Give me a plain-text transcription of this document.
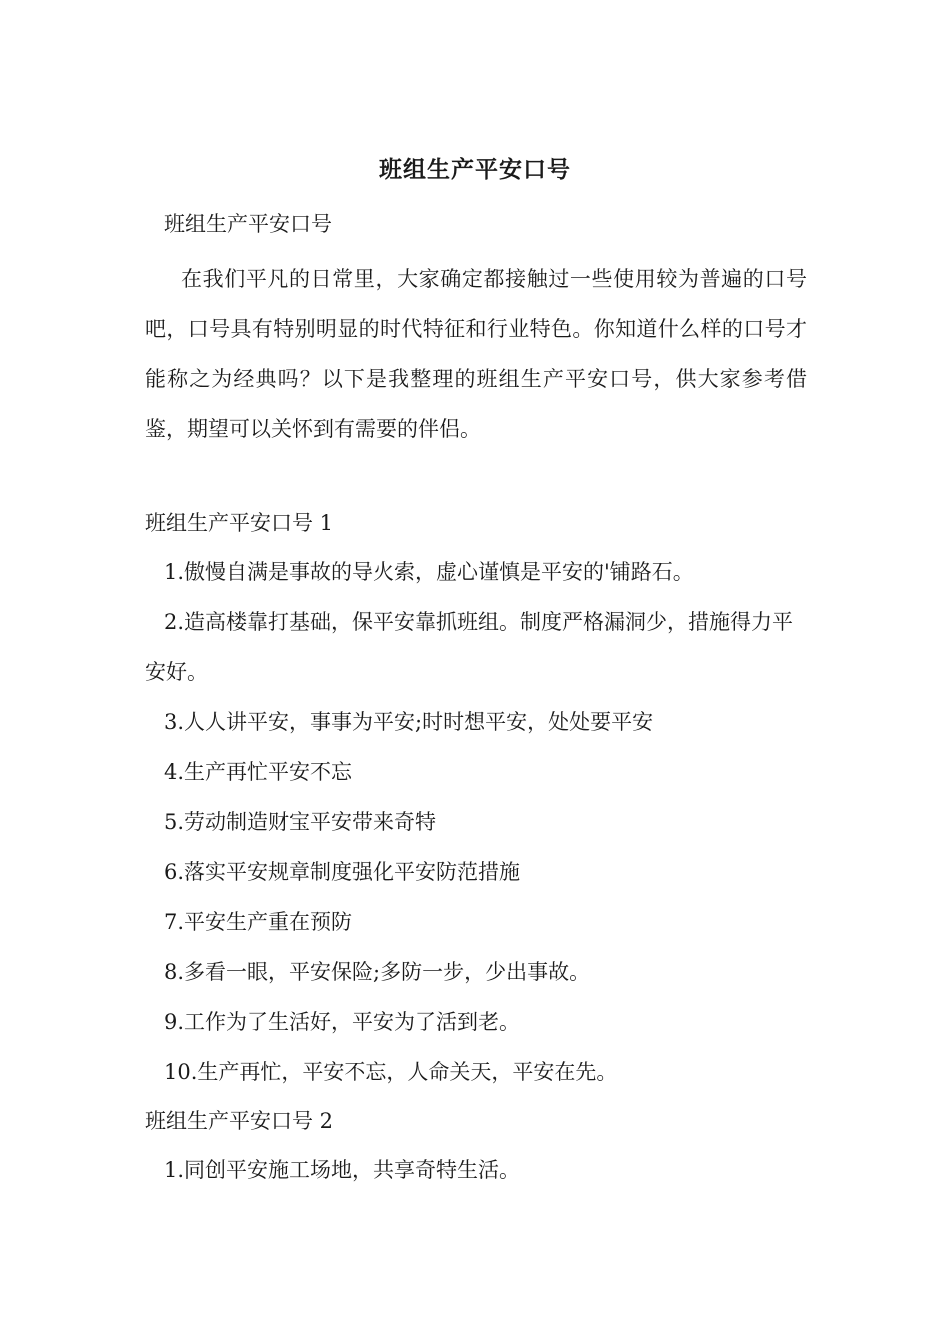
班组生产平安口号
班组生产平安口号

在我们平凡的日常里，大家确定都接触过一些使用较为普遍的口号吧，口号具有特别明显的时代特征和行业特色。你知道什么样的口号才能称之为经典吗？以下是我整理的班组生产平安口号，供大家参考借鉴，期望可以关怀到有需要的伴侣。

班组生产平安口号 1

1.傲慢自满是事故的导火索，虚心谨慎是平安的'铺路石。

2.造高楼靠打基础，保平安靠抓班组。制度严格漏洞少，措施得力平安好。

3.人人讲平安，事事为平安;时时想平安，处处要平安

4.生产再忙平安不忘

5.劳动制造财宝平安带来奇特

6.落实平安规章制度强化平安防范措施

7.平安生产重在预防

8.多看一眼，平安保险;多防一步，少出事故。

9.工作为了生活好，平安为了活到老。

10.生产再忙，平安不忘，人命关天，平安在先。

班组生产平安口号 2

1.同创平安施工场地，共享奇特生活。
